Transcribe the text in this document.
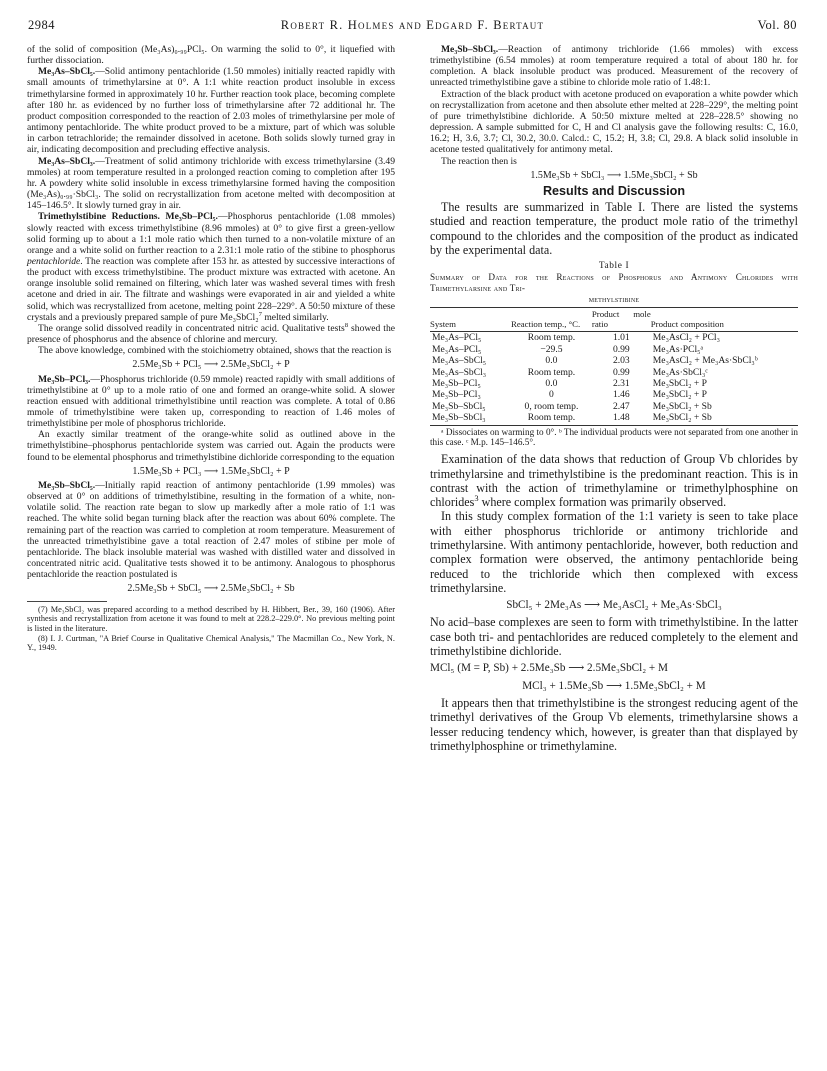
2984	Robert R. Holmes and Edgard F. Bertaut	Vol. 80

of the solid of composition (Me₃As)₀.₉₉PCl₅. On warming the solid to 0°, it liquefied with further dissociation.

Me₃As–SbCl₅.—Solid antimony pentachloride (1.50 mmoles) initially reacted rapidly with small amounts of trimethylarsine at 0°. A 1:1 white reaction product insoluble in excess trimethylarsine formed in approximately 10 hr. Further reaction took place, becoming complete after 180 hr. as evidenced by no further loss of trimethylarsine after 72 additional hr. The product composition corresponded to the reaction of 2.03 moles of trimethylarsine per mole of antimony pentachloride. The white product proved to be a mixture, part of which was soluble in carbon tetrachloride; the remainder dissolved in acetone. Both solids slowly turned gray in air, indicating decomposition and precluding effective analysis.

Me₃As–SbCl₃.—Treatment of solid antimony trichloride with excess trimethylarsine (3.49 mmoles) at room temperature resulted in a prolonged reaction coming to completion after 195 hr. A powdery white solid insoluble in excess trimethylarsine formed having the composition (Me₃As)₀.₉₉·SbCl₃. The solid on recrystallization from acetone melted with decomposition at 145–146.5°. It slowly turned gray in air.

Trimethylstibine Reductions. Me₃Sb–PCl₅.—Phosphorus pentachloride (1.08 mmoles) slowly reacted with excess trimethylstibine (8.96 mmoles) at 0° to give first a green-yellow solid forming up to about a 1:1 mole ratio which then turned to a non-volatile mixture of an orange and a white solid on further reaction to a 2.31:1 mole ratio of the stibine to phosphorus pentachloride. The reaction was complete after 153 hr. as attested by successive interactions of the product with excess trimethylstibine. The product mixture was extracted with acetone. An orange insoluble solid remained on filtering, which later was washed several times with fresh acetone and dried in air. The filtrate and washings were evaporated in air and yielded a white solid, which was recrystallized from acetone, melting point 228–229°. A 50:50 mixture of these crystals and a previously prepared sample of pure Me₃SbCl₂$^7$ melted similarly.

The orange solid dissolved readily in concentrated nitric acid. Qualitative tests$^8$ showed the presence of phosphorus and the absence of chlorine and mercury.

The above knowledge, combined with the stoichiometry obtained, shows that the reaction is

2.5Me₃Sb + PCl₅ ⟶ 2.5Me₃SbCl₂ + P

Me₃Sb–PCl₃.—Phosphorus trichloride (0.59 mmole) reacted rapidly with small additions of trimethylstibine at 0° up to a mole ratio of one and formed an orange-white solid. A slower reaction ensued with additional trimethylstibine until reaction was complete. A total of 0.86 mmole of trimethylstibine were taken up, corresponding to reaction of 1.46 moles of trimethylstibine per mole of phosphorus trichloride.

An exactly similar treatment of the orange-white solid as outlined above in the trimethylstibine–phosphorus pentachloride system was carried out. Again the products were found to be elemental phosphorus and trimethylstibine dichloride corresponding to the equation

1.5Me₃Sb + PCl₃ ⟶ 1.5Me₃SbCl₂ + P

Me₃Sb–SbCl₅.—Initially rapid reaction of antimony pentachloride (1.99 mmoles) was observed at 0° on additions of trimethylstibine, resulting in the formation of a white, non-volatile solid. The reaction rate began to slow up markedly after a mole ratio of 1:1 was reached. The white solid began turning black after the reaction was about 60% complete. The remaining part of the reaction was carried to completion at room temperature. Measurement of the unreacted trimethylstibine gave a total reaction of 2.47 moles of stibine per mole of pentachloride. The black insoluble material was washed with distilled water and dissolved in concentrated nitric acid. Qualitative tests showed it to be antimony. Analogous to phosphorus pentachloride the reaction postulated is

2.5Me₃Sb + SbCl₅ ⟶ 2.5Me₃SbCl₂ + Sb

(7) Me₃SbCl₂ was prepared according to a method described by H. Hibbert, Ber., 39, 160 (1906). After synthesis and recrystallization from acetone it was found to melt at 228.2–229.0°. No previous melting point is listed in the literature.

(8) I. J. Curtman, "A Brief Course in Qualitative Chemical Analysis," The Macmillan Co., New York, N. Y., 1949.

Me₃Sb–SbCl₃.—Reaction of antimony trichloride (1.66 mmoles) with excess trimethylstibine (6.54 mmoles) at room temperature required a total of about 180 hr. for completion. A black insoluble product was produced. Measurement of the recovery of unreacted trimethylstibine gave a stibine to chloride mole ratio of 1.48:1.

Extraction of the black product with acetone produced on evaporation a white powder which on recrystallization from acetone and then absolute ether melted at 228–229°, the melting point of pure trimethylstibine dichloride. A 50:50 mixture melted at 228–228.5° showing no depression. A sample submitted for C, H and Cl analysis gave the following results: C, 16.0, 16.2; H, 3.6, 3.7; Cl, 30.2, 30.0. Calcd.: C, 15.2; H, 3.8; Cl, 29.8. A black solid insoluble in acetone tested qualitatively for antimony metal.

The reaction then is

1.5Me₃Sb + SbCl₃ ⟶ 1.5Me₃SbCl₂ + Sb

Results and Discussion

The results are summarized in Table I. There are listed the systems studied and reaction temperature, the product mole ratio of the trimethyl compound to the chlorides and the composition of the product as indicated by the experimental data.

Table I
Summary of Data for the Reactions of Phosphorus and Antimony Chlorides with Trimethylarsine and Tri-
methylstibine
System	Reaction temp., °C.	Product mole ratio	Product composition
Me₃As–PCl₅	Room temp.	1.01	Me₃AsCl₂ + PCl₃
Me₃As–PCl₅	−29.5	0.99	Me₃As·PCl₅ᵃ
Me₃As–SbCl₅	0.0	2.03	Me₃AsCl₂ + Me₃As·SbCl₃ᵇ
Me₃As–SbCl₃	Room temp.	0.99	Me₃As·SbCl₃ᶜ
Me₃Sb–PCl₅	0.0	2.31	Me₃SbCl₂ + P
Me₃Sb–PCl₃	0	1.46	Me₃SbCl₂ + P
Me₃Sb–SbCl₅	0, room temp.	2.47	Me₃SbCl₂ + Sb
Me₃Sb–SbCl₃	Room temp.	1.48	Me₃SbCl₂ + Sb

ᵃ Dissociates on warming to 0°. ᵇ The individual products were not separated from one another in this case. ᶜ M.p. 145–146.5°.

Examination of the data shows that reduction of Group Vb chlorides by trimethylarsine and trimethylstibine is the predominant reaction. This is in contrast with the action of trimethylamine or trimethylphosphine on chlorides$^3$ where complex formation was primarily observed.

In this study complex formation of the 1:1 variety is seen to take place with either phosphorus trichloride or antimony trichloride and trimethylarsine. With antimony pentachloride, however, both reduction and complex formation were observed, the antimony pentachloride being reduced to the trichloride which then complexed with excess trimethylarsine.

SbCl₅ + 2Me₃As ⟶ Me₃AsCl₂ + Me₃As·SbCl₃

No acid–base complexes are seen to form with trimethylstibine. In the latter case both tri- and pentachlorides are reduced completely to the element and trimethylstibine dichloride.

MCl₅ (M = P, Sb) + 2.5Me₃Sb ⟶ 2.5Me₃SbCl₂ + M

MCl₃ + 1.5Me₃Sb ⟶ 1.5Me₃SbCl₂ + M

It appears then that trimethylstibine is the strongest reducing agent of the trimethyl derivatives of the Group Vb elements, trimethylarsine shows a lesser reducing tendency which, however, is greater than that displayed by trimethylphosphine or trimethylamine.
